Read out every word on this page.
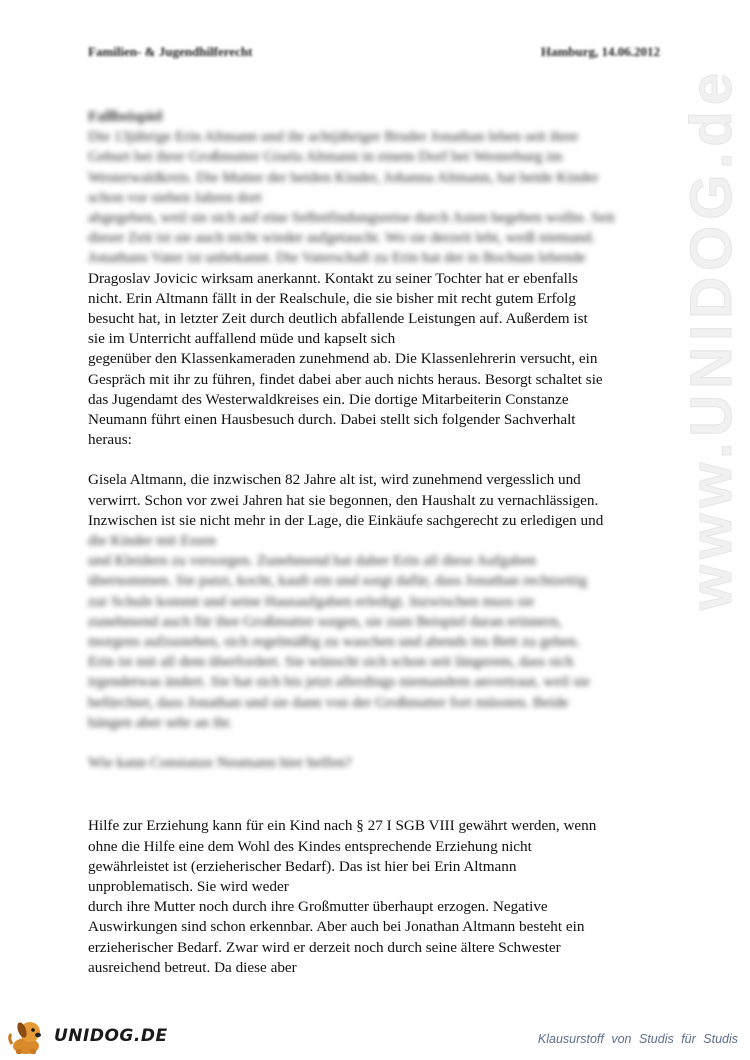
www.UNIDOG.de
Familien- & Jugendhilferecht	Hamburg, 14.06.2012
Fallbeispiel
Die 13jährige Erin Altmann und ihr achtjähriger Bruder Jonathan leben seit ihrer
Geburt bei ihrer Großmutter Gisela Altmann in einem Dorf bei Westerburg im
Westerwaldkreis. Die Mutter der beiden Kinder, Johanna Altmann, hat beide Kinder
schon vor sieben Jahren dort
abgegeben, weil sie sich auf eine Selbstfindungsreise durch Asien begeben wollte. Seit
dieser Zeit ist sie auch nicht wieder aufgetaucht. Wo sie derzeit lebt, weiß niemand.
Jonathans Vater ist unbekannt. Die Vaterschaft zu Erin hat der in Bochum lebende
Dragoslav Jovicic wirksam anerkannt. Kontakt zu seiner Tochter hat er ebenfalls
nicht. Erin Altmann fällt in der Realschule, die sie bisher mit recht gutem Erfolg
besucht hat, in letzter Zeit durch deutlich abfallende Leistungen auf. Außerdem ist
sie im Unterricht auffallend müde und kapselt sich
gegenüber den Klassenkameraden zunehmend ab. Die Klassenlehrerin versucht, ein
Gespräch mit ihr zu führen, findet dabei aber auch nichts heraus. Besorgt schaltet sie
das Jugendamt des Westerwaldkreises ein. Die dortige Mitarbeiterin Constanze
Neumann führt einen Hausbesuch durch. Dabei stellt sich folgender Sachverhalt
heraus:
Gisela Altmann, die inzwischen 82 Jahre alt ist, wird zunehmend vergesslich und
verwirrt. Schon vor zwei Jahren hat sie begonnen, den Haushalt zu vernachlässigen.
Inzwischen ist sie nicht mehr in der Lage, die Einkäufe sachgerecht zu erledigen und
die Kinder mit Essen
und Kleidern zu versorgen. Zunehmend hat daher Erin all diese Aufgaben
übernommen. Sie putzt, kocht, kauft ein und sorgt dafür, dass Jonathan rechtzeitig
zur Schule kommt und seine Hausaufgaben erledigt. Inzwischen muss sie
zunehmend auch für ihre Großmutter sorgen, sie zum Beispiel daran erinnern,
morgens aufzustehen, sich regelmäßig zu waschen und abends ins Bett zu gehen.
Erin ist mit all dem überfordert. Sie wünscht sich schon seit längerem, dass sich
irgendetwas ändert. Sie hat sich bis jetzt allerdings niemandem anvertraut, weil sie
befürchtet, dass Jonathan und sie dann von der Großmutter fort müssten. Beide
hängen aber sehr an ihr.
Wie kann Constanze Neumann hier helfen?
Hilfe zur Erziehung kann für ein Kind nach § 27 I SGB VIII gewährt werden, wenn
ohne die Hilfe eine dem Wohl des Kindes entsprechende Erziehung nicht
gewährleistet ist (erzieherischer Bedarf). Das ist hier bei Erin Altmann
unproblematisch. Sie wird weder
durch ihre Mutter noch durch ihre Großmutter überhaupt erzogen. Negative
Auswirkungen sind schon erkennbar. Aber auch bei Jonathan Altmann besteht ein
erzieherischer Bedarf. Zwar wird er derzeit noch durch seine ältere Schwester
ausreichend betreut. Da diese aber
UNIDOG.DE	Klausurstoff von Studis für Studis
